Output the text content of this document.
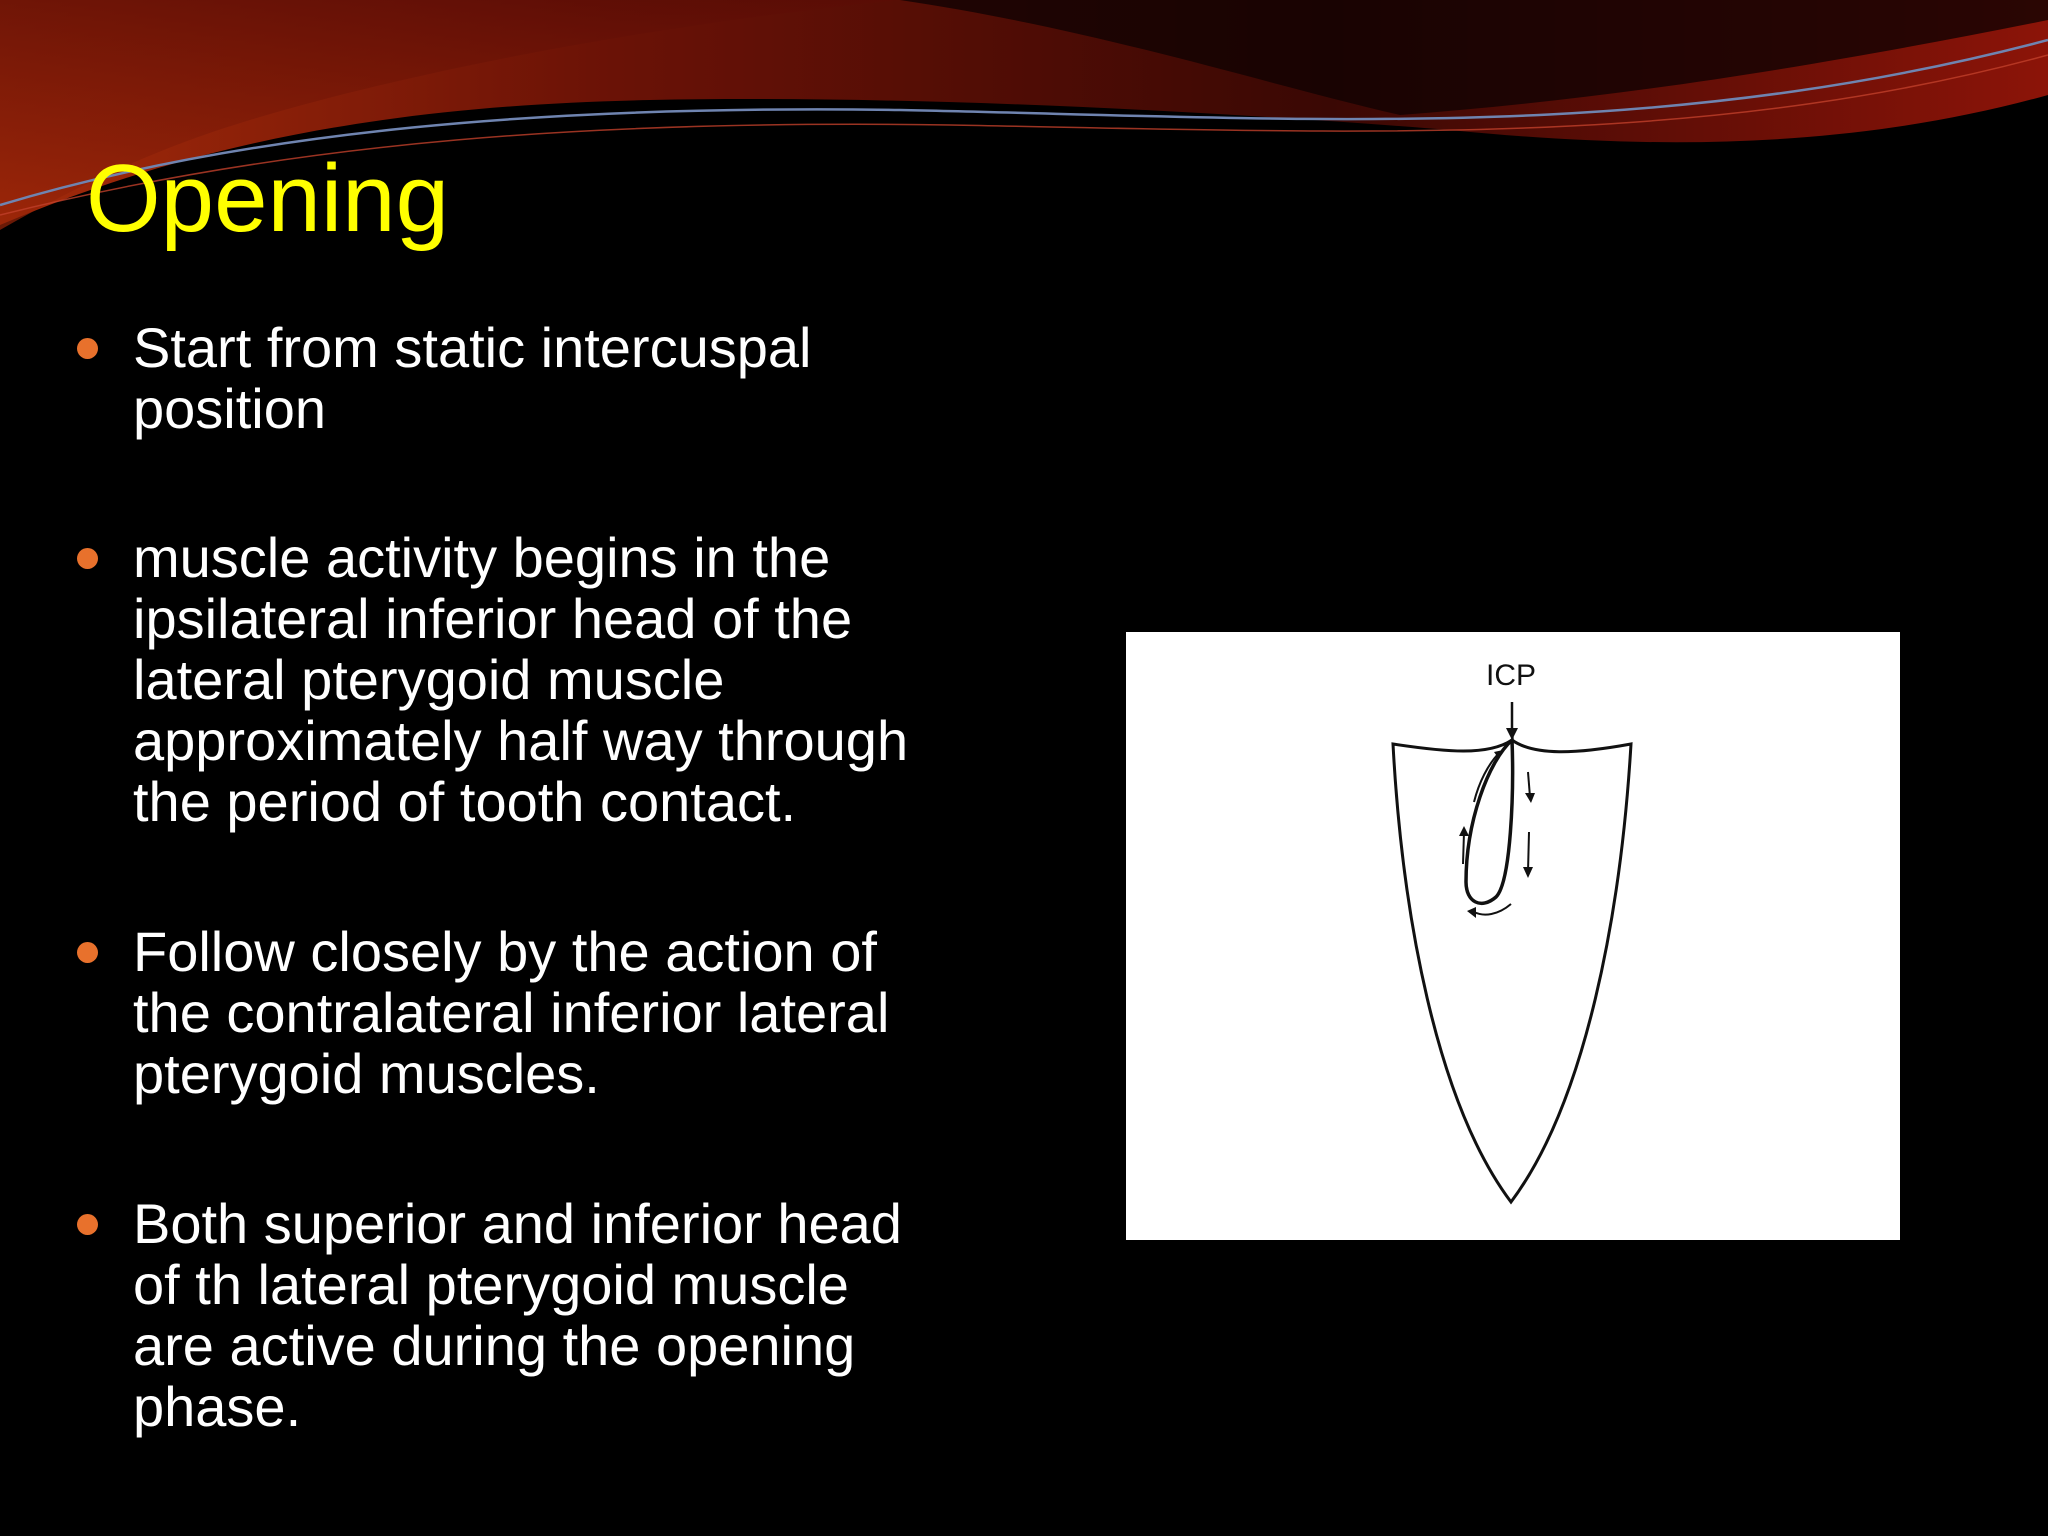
Opening
Start from static intercuspal
position
muscle activity begins in the
ipsilateral inferior head of the
lateral pterygoid muscle
approximately half way through
the period of tooth contact.
Follow closely by the action of
the contralateral inferior lateral
pterygoid muscles.
Both superior and inferior head
of th lateral pterygoid muscle
are active during the opening
phase.
ICP
